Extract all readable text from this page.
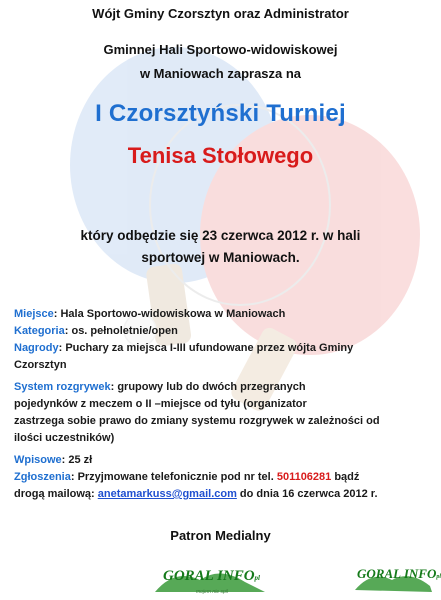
Wójt Gminy Czorsztyn oraz Administrator
Gminnej Hali Sportowo-widowiskowej
w Maniowach zaprasza na
I Czorsztyński Turniej
Tenisa Stołowego
który odbędzie się 23 czerwca 2012 r. w hali
sportowej w Maniowach.
Miejsce: Hala Sportowo-widowiskowa w Maniowach
Kategoria: os. pełnoletnie/open
Nagrody: Puchary za miejsca I-III ufundowane przez wójta Gminy
Czorsztyn
System rozgrywek: grupowy lub do dwóch przegranych
pojedynków z meczem o II –miejsce od tyłu (organizator
zastrzega sobie prawo do zmiany systemu rozgrywek w zależności od
ilości uczestników)
Wpisowe: 25 zł
Zgłoszenia: Przyjmowane telefonicznie pod nr tel. 501106281 bądź
drogą mailową: anetamarkuss@gmail.com do dnia 16 czerwca 2012 r.
Patron Medialny
GORAL INFOpl
mojem nie spil
GORAL INFOpl
